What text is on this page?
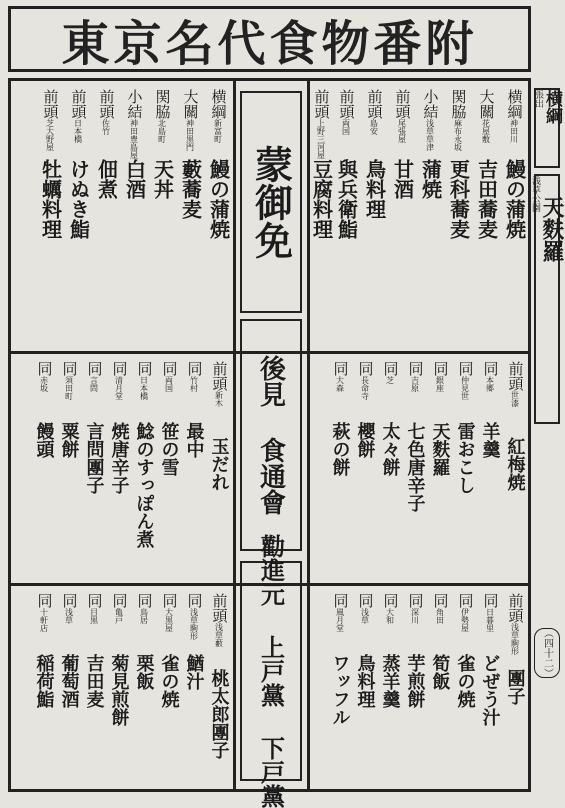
東京名代食物番附
張出 横綱
浅草公園
天麩羅
（四十二）
蒙御免
後見 食通會
勸進元 上戸黨 下戸黨
横綱
新富町
鰻の蒲焼
大關
神田黒門
藪蕎麦
関脇
北島町
天丼
小結
神田豊島屋
白酒
前頭
佐竹
佃煮
前頭
日本橋
けぬき鮨
前頭
芝大野屋
牡蠣料理
横綱
神田川
鰻の蒲焼
大關
花屋敷
吉田蕎麦
関脇
麻布永坂
更科蕎麦
小結
浅草草津
蒲焼
前頭
尾張屋
甘酒
前頭
島安
鳥料理
前頭
両国
與兵衛鮨
前頭
上野三河屋
豆腐料理
前頭
新木
玉だれ
同
竹村
最中
同
両国
笹の雪
同
日本橋
鯰のすっぽん煮
同
清月堂
焼唐辛子
同
言問
言問團子
同
須田町
粟餅
同
赤坂
饅頭
前頭
世漆
紅梅焼
同
本郷
羊羹
同
仲見世
雷おこし
同
銀座
天麩羅
同
吉原
七色唐辛子
同
芝
太々餅
同
長命寺
櫻餅
同
大森
萩の餅
前頭
浅草藪
桃太郎團子
同
浅草駒形
鰌汁
同
大黒屋
雀の焼
同
鳥居
栗飯
同
亀戸
菊見煎餅
同
目黒
吉田麦
同
浅草
葡萄酒
同
十軒店
稲荷鮨
前頭
浅草駒形
團子
同
日暮里
どぜう汁
同
伊勢屋
雀の焼
同
角田
筍飯
同
深川
芋煎餅
同
大和
蒸羊羹
同
浅草
鳥料理
同
風月堂
ワッフル
